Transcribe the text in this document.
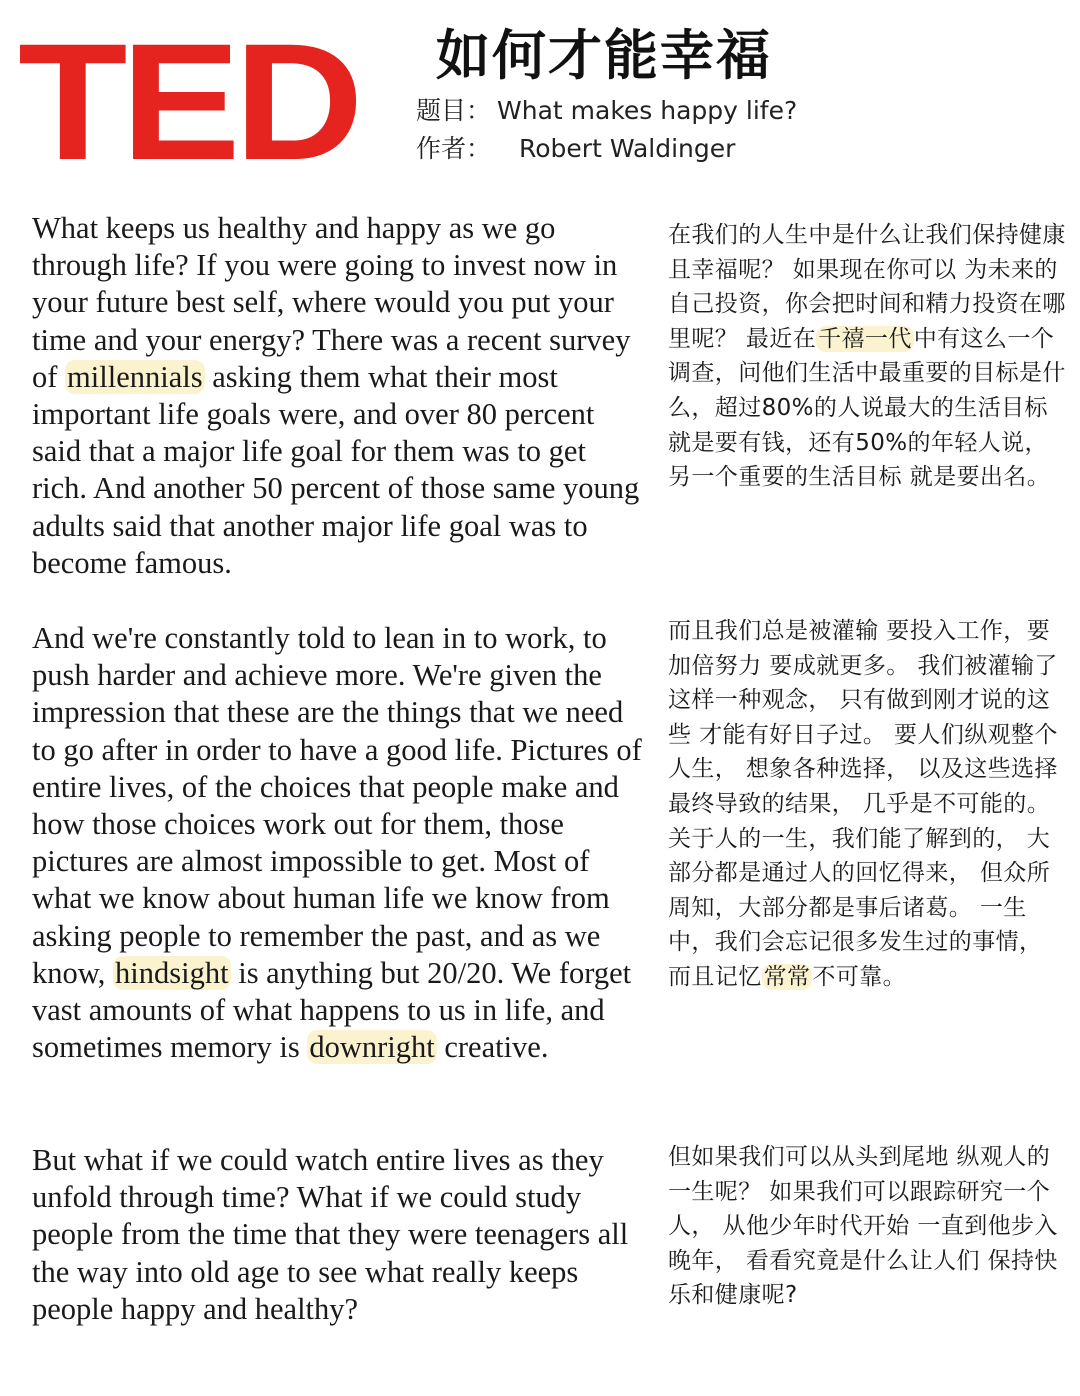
TED 如何才能幸福
题目： What makes happy life?
作者： Robert Waldinger

What keeps us healthy and happy as we go through life? If you were going to invest now in your future best self, where would you put your time and your energy? There was a recent survey of millennials asking them what their most important life goals were, and over 80 percent said that a major life goal for them was to get rich. And another 50 percent of those same young adults said that another major life goal was to become famous.

在我们的人生中是什么让我们保持健康且幸福呢？ 如果现在你可以 为未来的自己投资，你会把时间和精力投资在哪里呢？ 最近在千禧一代中有这么一个调查，问他们生活中最重要的目标是什么，超过80%的人说最大的生活目标就是要有钱，还有50%的年轻人说，另一个重要的生活目标 就是要出名。

And we're constantly told to lean in to work, to push harder and achieve more. We're given the impression that these are the things that we need to go after in order to have a good life. Pictures of entire lives, of the choices that people make and how those choices work out for them, those pictures are almost impossible to get. Most of what we know about human life we know from asking people to remember the past, and as we know, hindsight is anything but 20/20. We forget vast amounts of what happens to us in life, and sometimes memory is downright creative.

而且我们总是被灌输 要投入工作，要加倍努力 要成就更多。 我们被灌输了这样一种观念， 只有做到刚才说的这些 才能有好日子过。 要人们纵观整个人生， 想象各种选择， 以及这些选择最终导致的结果， 几乎是不可能的。 关于人的一生，我们能了解到的， 大部分都是通过人的回忆得来， 但众所周知，大部分都是事后诸葛。 一生中，我们会忘记很多发生过的事情， 而且记忆常常不可靠。

But what if we could watch entire lives as they unfold through time? What if we could study people from the time that they were teenagers all the way into old age to see what really keeps people happy and healthy?

但如果我们可以从头到尾地 纵观人的一生呢？ 如果我们可以跟踪研究一个人， 从他少年时代开始 一直到他步入晚年， 看看究竟是什么让人们 保持快乐和健康呢?
